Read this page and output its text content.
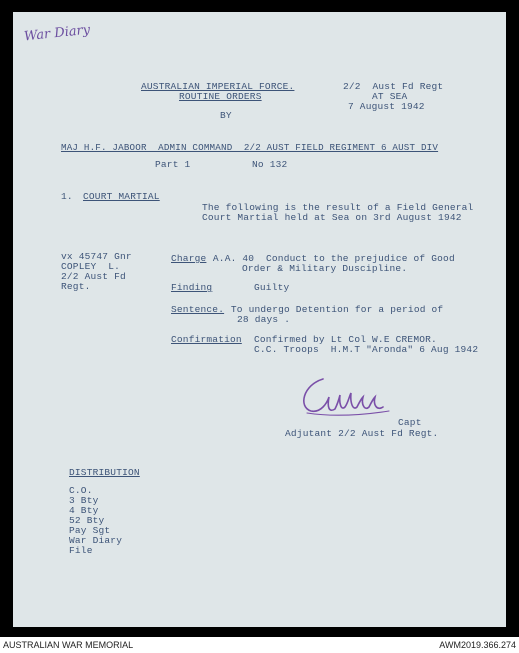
War Diary
AUSTRALIAN IMPERIAL FORCE.
ROUTINE ORDERS
BY
2/2  Aust Fd Regt
AT SEA
7 August 1942
MAJ H.F. JABOOR  ADMIN COMMAND  2/2 AUST FIELD REGIMENT 6 AUST DIV
Part 1	No 132
1. COURT MARTIAL
The following is the result of a Field General
Court Martial held at Sea on 3rd August 1942
vx 45747 Gnr
COPLEY  L.
2/2 Aust Fd
Regt.
Charge A.A. 40  Conduct to the prejudice of Good
Order & Military Duscipline.
Finding	Guilty
Sentence. To undergo Detention for a period of
28 days .
Confirmation Confirmed by Lt Col W.E CREMOR.
C.C. Troops  H.M.T "Aronda" 6 Aug 1942
Capt
Adjutant 2/2 Aust Fd Regt.
DISTRIBUTION
C.O.
3 Bty
4 Bty
52 Bty
Pay Sgt
War Diary
File
AUSTRALIAN WAR MEMORIAL	AWM2019.366.274
